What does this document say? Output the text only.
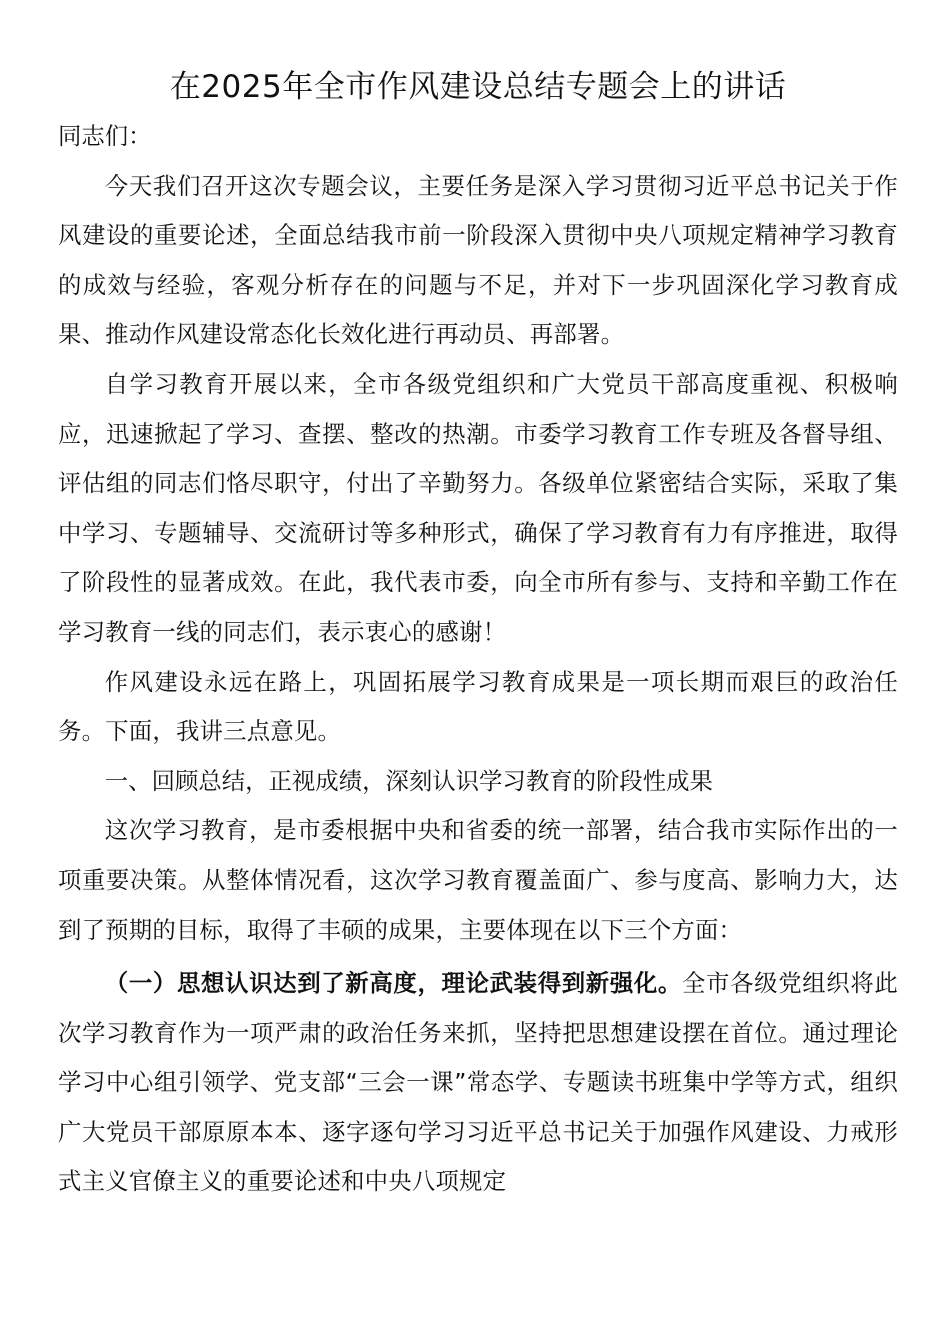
在2025年全市作风建设总结专题会上的讲话

同志们：

今天我们召开这次专题会议，主要任务是深入学习贯彻习近平总书记关于作风建设的重要论述，全面总结我市前一阶段深入贯彻中央八项规定精神学习教育的成效与经验，客观分析存在的问题与不足，并对下一步巩固深化学习教育成果、推动作风建设常态化长效化进行再动员、再部署。

自学习教育开展以来，全市各级党组织和广大党员干部高度重视、积极响应，迅速掀起了学习、查摆、整改的热潮。市委学习教育工作专班及各督导组、评估组的同志们恪尽职守，付出了辛勤努力。各级单位紧密结合实际，采取了集中学习、专题辅导、交流研讨等多种形式，确保了学习教育有力有序推进，取得了阶段性的显著成效。在此，我代表市委，向全市所有参与、支持和辛勤工作在学习教育一线的同志们，表示衷心的感谢！

作风建设永远在路上，巩固拓展学习教育成果是一项长期而艰巨的政治任务。下面，我讲三点意见。

一、回顾总结，正视成绩，深刻认识学习教育的阶段性成果

这次学习教育，是市委根据中央和省委的统一部署，结合我市实际作出的一项重要决策。从整体情况看，这次学习教育覆盖面广、参与度高、影响力大，达到了预期的目标，取得了丰硕的成果，主要体现在以下三个方面：

（一）思想认识达到了新高度，理论武装得到新强化。全市各级党组织将此次学习教育作为一项严肃的政治任务来抓，坚持把思想建设摆在首位。通过理论学习中心组引领学、党支部“三会一课”常态学、专题读书班集中学等方式，组织广大党员干部原原本本、逐字逐句学习习近平总书记关于加强作风建设、力戒形式主义官僚主义的重要论述和中央八项规定
